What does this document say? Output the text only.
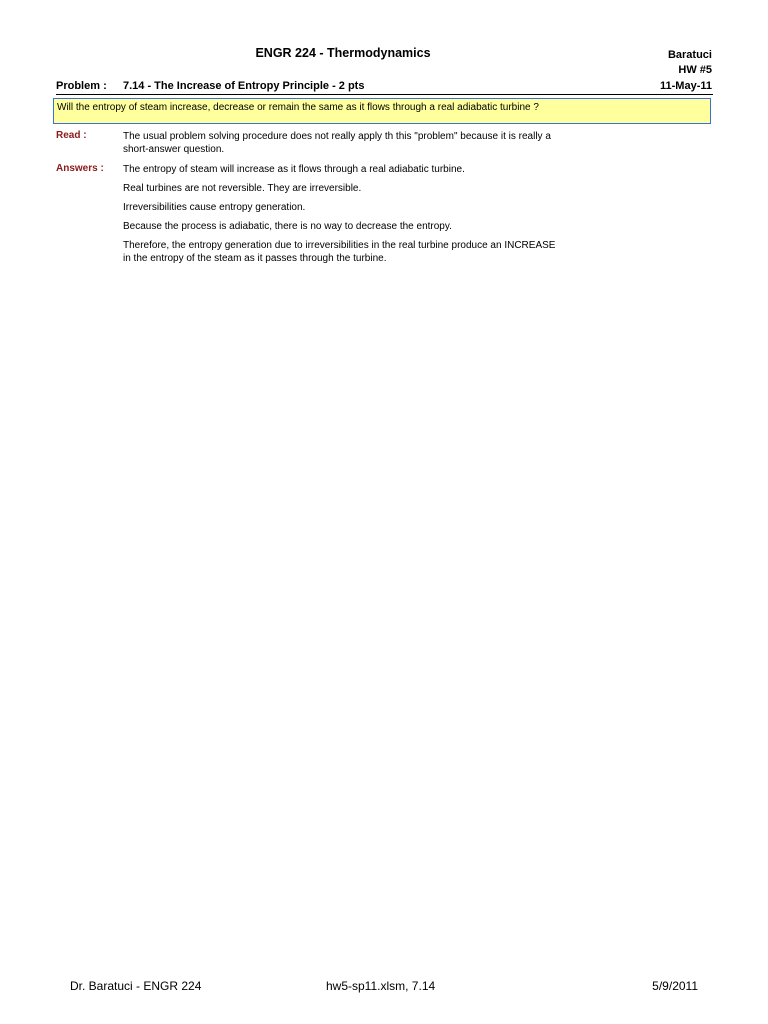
ENGR 224 - Thermodynamics	Baratuci
HW #5
11-May-11
Problem : 7.14 - The Increase of Entropy Principle - 2 pts
Will the entropy of steam increase, decrease or remain the same as it flows through a real adiabatic turbine ?
Read :	The usual problem solving procedure does not really apply th this "problem" because it is really a
short-answer question.
Answers : The entropy of steam will increase as it flows through a real adiabatic turbine.
Real turbines are not reversible. They are irreversible.
Irreversibilities cause entropy generation.
Because the process is adiabatic, there is no way to decrease the entropy.
Therefore, the entropy generation due to irreversibilities in the real turbine produce an INCREASE
in the entropy of the steam as it passes through the turbine.
Dr. Baratuci - ENGR 224	hw5-sp11.xlsm, 7.14	5/9/2011
